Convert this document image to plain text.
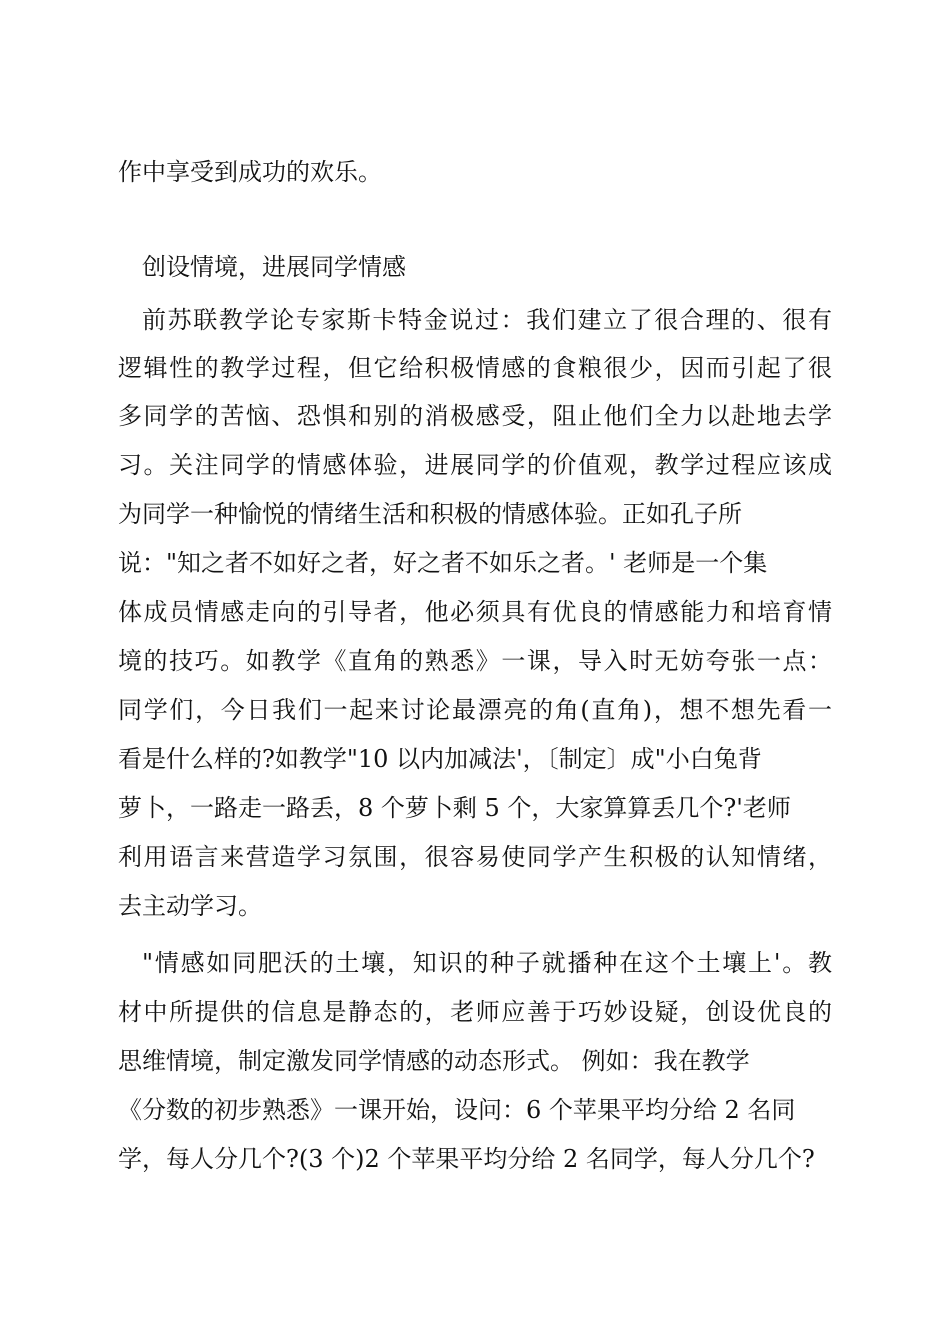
作中享受到成功的欢乐。
创设情境，进展同学情感
前苏联教学论专家斯卡特金说过：我们建立了很合理的、很有
逻辑性的教学过程，但它给积极情感的食粮很少，因而引起了很
多同学的苦恼、恐惧和别的消极感受，阻止他们全力以赴地去学
习。关注同学的情感体验，进展同学的价值观，教学过程应该成
为同学一种愉悦的情绪生活和积极的情感体验。正如孔子所
说："知之者不如好之者，好之者不如乐之者。' 老师是一个集
体成员情感走向的引导者，他必须具有优良的情感能力和培育情
境的技巧。如教学《直角的熟悉》一课，导入时无妨夸张一点：
同学们，今日我们一起来讨论最漂亮的角(直角)，想不想先看一
看是什么样的?如教学"10 以内加减法'，〔制定〕成"小白兔背
萝卜，一路走一路丢，8 个萝卜剩 5 个，大家算算丢几个?'老师
利用语言来营造学习氛围，很容易使同学产生积极的认知情绪，
去主动学习。
"情感如同肥沃的土壤，知识的种子就播种在这个土壤上'。教
材中所提供的信息是静态的，老师应善于巧妙设疑，创设优良的
思维情境，制定激发同学情感的动态形式。 例如：我在教学
《分数的初步熟悉》一课开始，设问：6 个苹果平均分给 2 名同
学，每人分几个?(3 个)2 个苹果平均分给 2 名同学，每人分几个?
